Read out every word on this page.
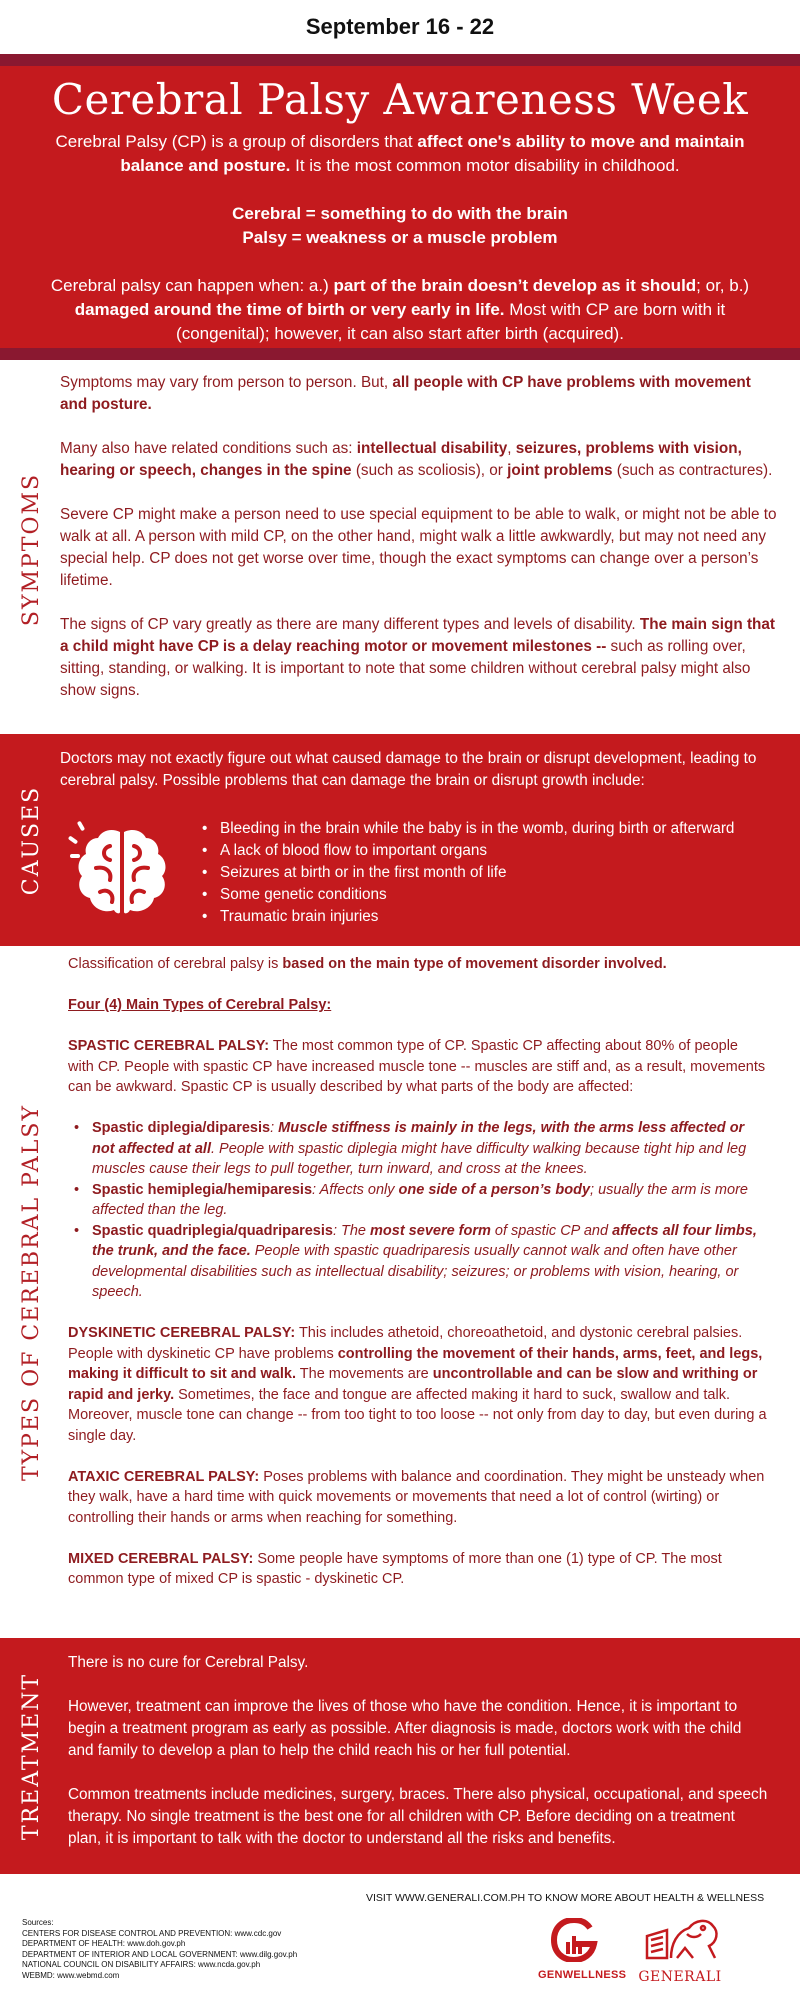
September 16 - 22
Cerebral Palsy Awareness Week

Cerebral Palsy (CP) is a group of disorders that affect one's ability to move and maintain balance and posture. It is the most common motor disability in childhood.

Cerebral = something to do with the brain

Palsy = weakness or a muscle problem

Cerebral palsy can happen when: a.) part of the brain doesn’t develop as it should; or, b.) damaged around the time of birth or very early in life. Most with CP are born with it (congenital); however, it can also start after birth (acquired).

SYMPTOMS

Symptoms may vary from person to person. But, all people with CP have problems with movement and posture.

Many also have related conditions such as: intellectual disability, seizures, problems with vision, hearing or speech, changes in the spine (such as scoliosis), or joint problems (such as contractures).

Severe CP might make a person need to use special equipment to be able to walk, or might not be able to walk at all. A person with mild CP, on the other hand, might walk a little awkwardly, but may not need any special help. CP does not get worse over time, though the exact symptoms can change over a person’s lifetime.

The signs of CP vary greatly as there are many different types and levels of disability. The main sign that a child might have CP is a delay reaching motor or movement milestones -- such as rolling over, sitting, standing, or walking. It is important to note that some children without cerebral palsy might also show signs.

CAUSES

Doctors may not exactly figure out what caused damage to the brain or disrupt development, leading to cerebral palsy. Possible problems that can damage the brain or disrupt growth include:

• Bleeding in the brain while the baby is in the womb, during birth or afterward
• A lack of blood flow to important organs
• Seizures at birth or in the first month of life
• Some genetic conditions
• Traumatic brain injuries
TYPES OF CEREBRAL PALSY

Classification of cerebral palsy is based on the main type of movement disorder involved.

Four (4) Main Types of Cerebral Palsy:

SPASTIC CEREBRAL PALSY: The most common type of CP. Spastic CP affecting about 80% of people

with CP. People with spastic CP have increased muscle tone -- muscles are stiff and, as a result, movements can be awkward. Spastic CP is usually described by what parts of the body are affected:

• Spastic diplegia/diparesis: Muscle stiffness is mainly in the legs, with the arms less affected or not affected at all. People with spastic diplegia might have difficulty walking because tight hip and leg muscles cause their legs to pull together, turn inward, and cross at the knees.
• Spastic hemiplegia/hemiparesis: Affects only one side of a person’s body; usually the arm is more affected than the leg.
• Spastic quadriplegia/quadriparesis: The most severe form of spastic CP and affects all four limbs, the trunk, and the face. People with spastic quadriparesis usually cannot walk and often have other developmental disabilities such as intellectual disability; seizures; or problems with vision, hearing, or speech.

DYSKINETIC CEREBRAL PALSY: This includes athetoid, choreoathetoid, and dystonic cerebral palsies.

People with dyskinetic CP have problems controlling the movement of their hands, arms, feet, and legs, making it difficult to sit and walk. The movements are uncontrollable and can be slow and writhing or rapid and jerky. Sometimes, the face and tongue are affected making it hard to suck, swallow and talk. Moreover, muscle tone can change -- from too tight to too loose -- not only from day to day, but even during a single day.

ATAXIC CEREBRAL PALSY: Poses problems with balance and coordination. They might be unsteady when they walk, have a hard time with quick movements or movements that need a lot of control (wirting) or controlling their hands or arms when reaching for something.

MIXED CEREBRAL PALSY: Some people have symptoms of more than one (1) type of CP. The most common type of mixed CP is spastic - dyskinetic CP.

TREATMENT

There is no cure for Cerebral Palsy.

However, treatment can improve the lives of those who have the condition. Hence, it is important to begin a treatment program as early as possible. After diagnosis is made, doctors work with the child and family to develop a plan to help the child reach his or her full potential.

Common treatments include medicines, surgery, braces. There also physical, occupational, and speech therapy. No single treatment is the best one for all children with CP. Before deciding on a treatment plan, it is important to talk with the doctor to understand all the risks and benefits.

VISIT WWW.GENERALI.COM.PH TO KNOW MORE ABOUT HEALTH & WELLNESS
Sources:
CENTERS FOR DISEASE CONTROL AND PREVENTION: www.cdc.gov
DEPARTMENT OF HEALTH: www.doh.gov.ph
DEPARTMENT OF INTERIOR AND LOCAL GOVERNMENT: www.dilg.gov.ph
NATIONAL COUNCIL ON DISABILITY AFFAIRS: www.ncda.gov.ph
WEBMD: www.webmd.com	GENWELLNESS GENERALI
